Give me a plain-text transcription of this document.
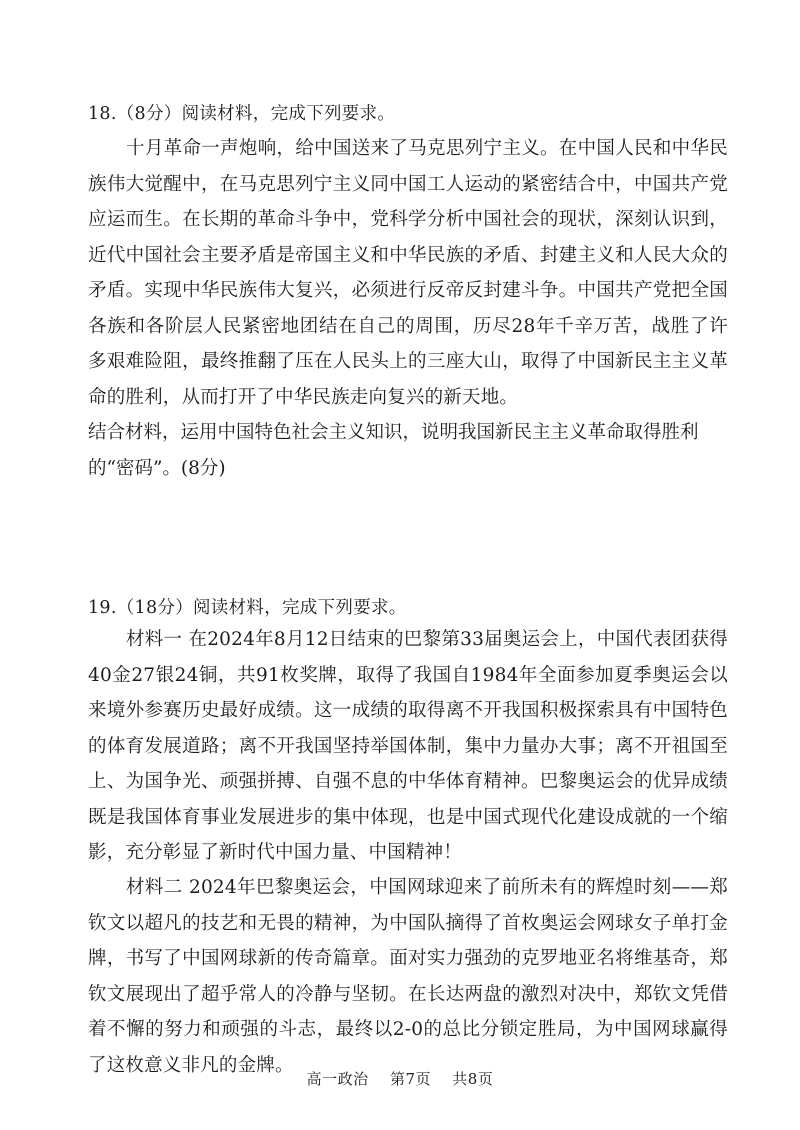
18.（8分）阅读材料，完成下列要求。
十月革命一声炮响，给中国送来了马克思列宁主义。在中国人民和中华民族伟大觉醒中，在马克思列宁主义同中国工人运动的紧密结合中，中国共产党应运而生。在长期的革命斗争中，党科学分析中国社会的现状，深刻认识到，近代中国社会主要矛盾是帝国主义和中华民族的矛盾、封建主义和人民大众的矛盾。实现中华民族伟大复兴，必须进行反帝反封建斗争。中国共产党把全国各族和各阶层人民紧密地团结在自己的周围，历尽28年千辛万苦，战胜了许多艰难险阻，最终推翻了压在人民头上的三座大山，取得了中国新民主主义革命的胜利，从而打开了中华民族走向复兴的新天地。
结合材料，运用中国特色社会主义知识，说明我国新民主主义革命取得胜利的“密码”。(8分)
19.（18分）阅读材料，完成下列要求。
材料一 在2024年8月12日结束的巴黎第33届奥运会上，中国代表团获得40金27银24铜，共91枚奖牌，取得了我国自1984年全面参加夏季奥运会以来境外参赛历史最好成绩。这一成绩的取得离不开我国积极探索具有中国特色的体育发展道路；离不开我国坚持举国体制，集中力量办大事；离不开祖国至上、为国争光、顽强拼搏、自强不息的中华体育精神。巴黎奥运会的优异成绩既是我国体育事业发展进步的集中体现，也是中国式现代化建设成就的一个缩影，充分彰显了新时代中国力量、中国精神！
材料二 2024年巴黎奥运会，中国网球迎来了前所未有的辉煌时刻——郑钦文以超凡的技艺和无畏的精神，为中国队摘得了首枚奥运会网球女子单打金牌，书写了中国网球新的传奇篇章。面对实力强劲的克罗地亚名将维基奇，郑钦文展现出了超乎常人的冷静与坚韧。在长达两盘的激烈对决中，郑钦文凭借着不懈的努力和顽强的斗志，最终以2-0的总比分锁定胜局，为中国网球赢得了这枚意义非凡的金牌。
高一政治 第7页 共8页
